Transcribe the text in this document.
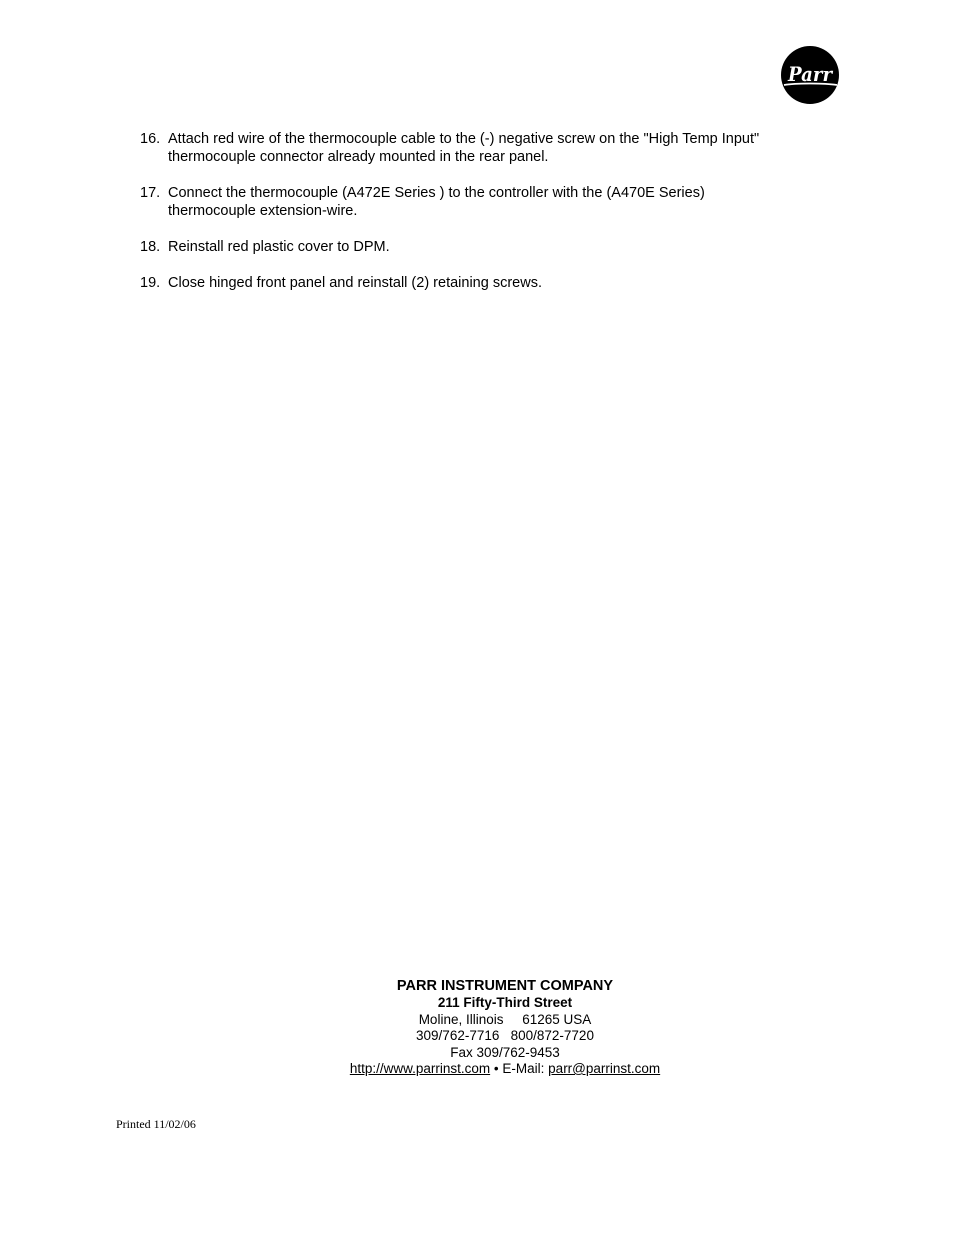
Parr
16. Attach red wire of the thermocouple cable to the (-) negative screw on the "High Temp Input"
thermocouple connector already mounted in the rear panel.
17. Connect the thermocouple (A472E Series ) to the controller with the (A470E Series)
thermocouple extension-wire.
18. Reinstall red plastic cover to DPM.
19. Close hinged front panel and reinstall (2) retaining screws.
PARR INSTRUMENT COMPANY
211 Fifty-Third Street
Moline, Illinois 61265 USA
309/762-7716 800/872-7720
Fax 309/762-9453
http://www.parrinst.com • E-Mail: parr@parrinst.com
Printed 11/02/06
